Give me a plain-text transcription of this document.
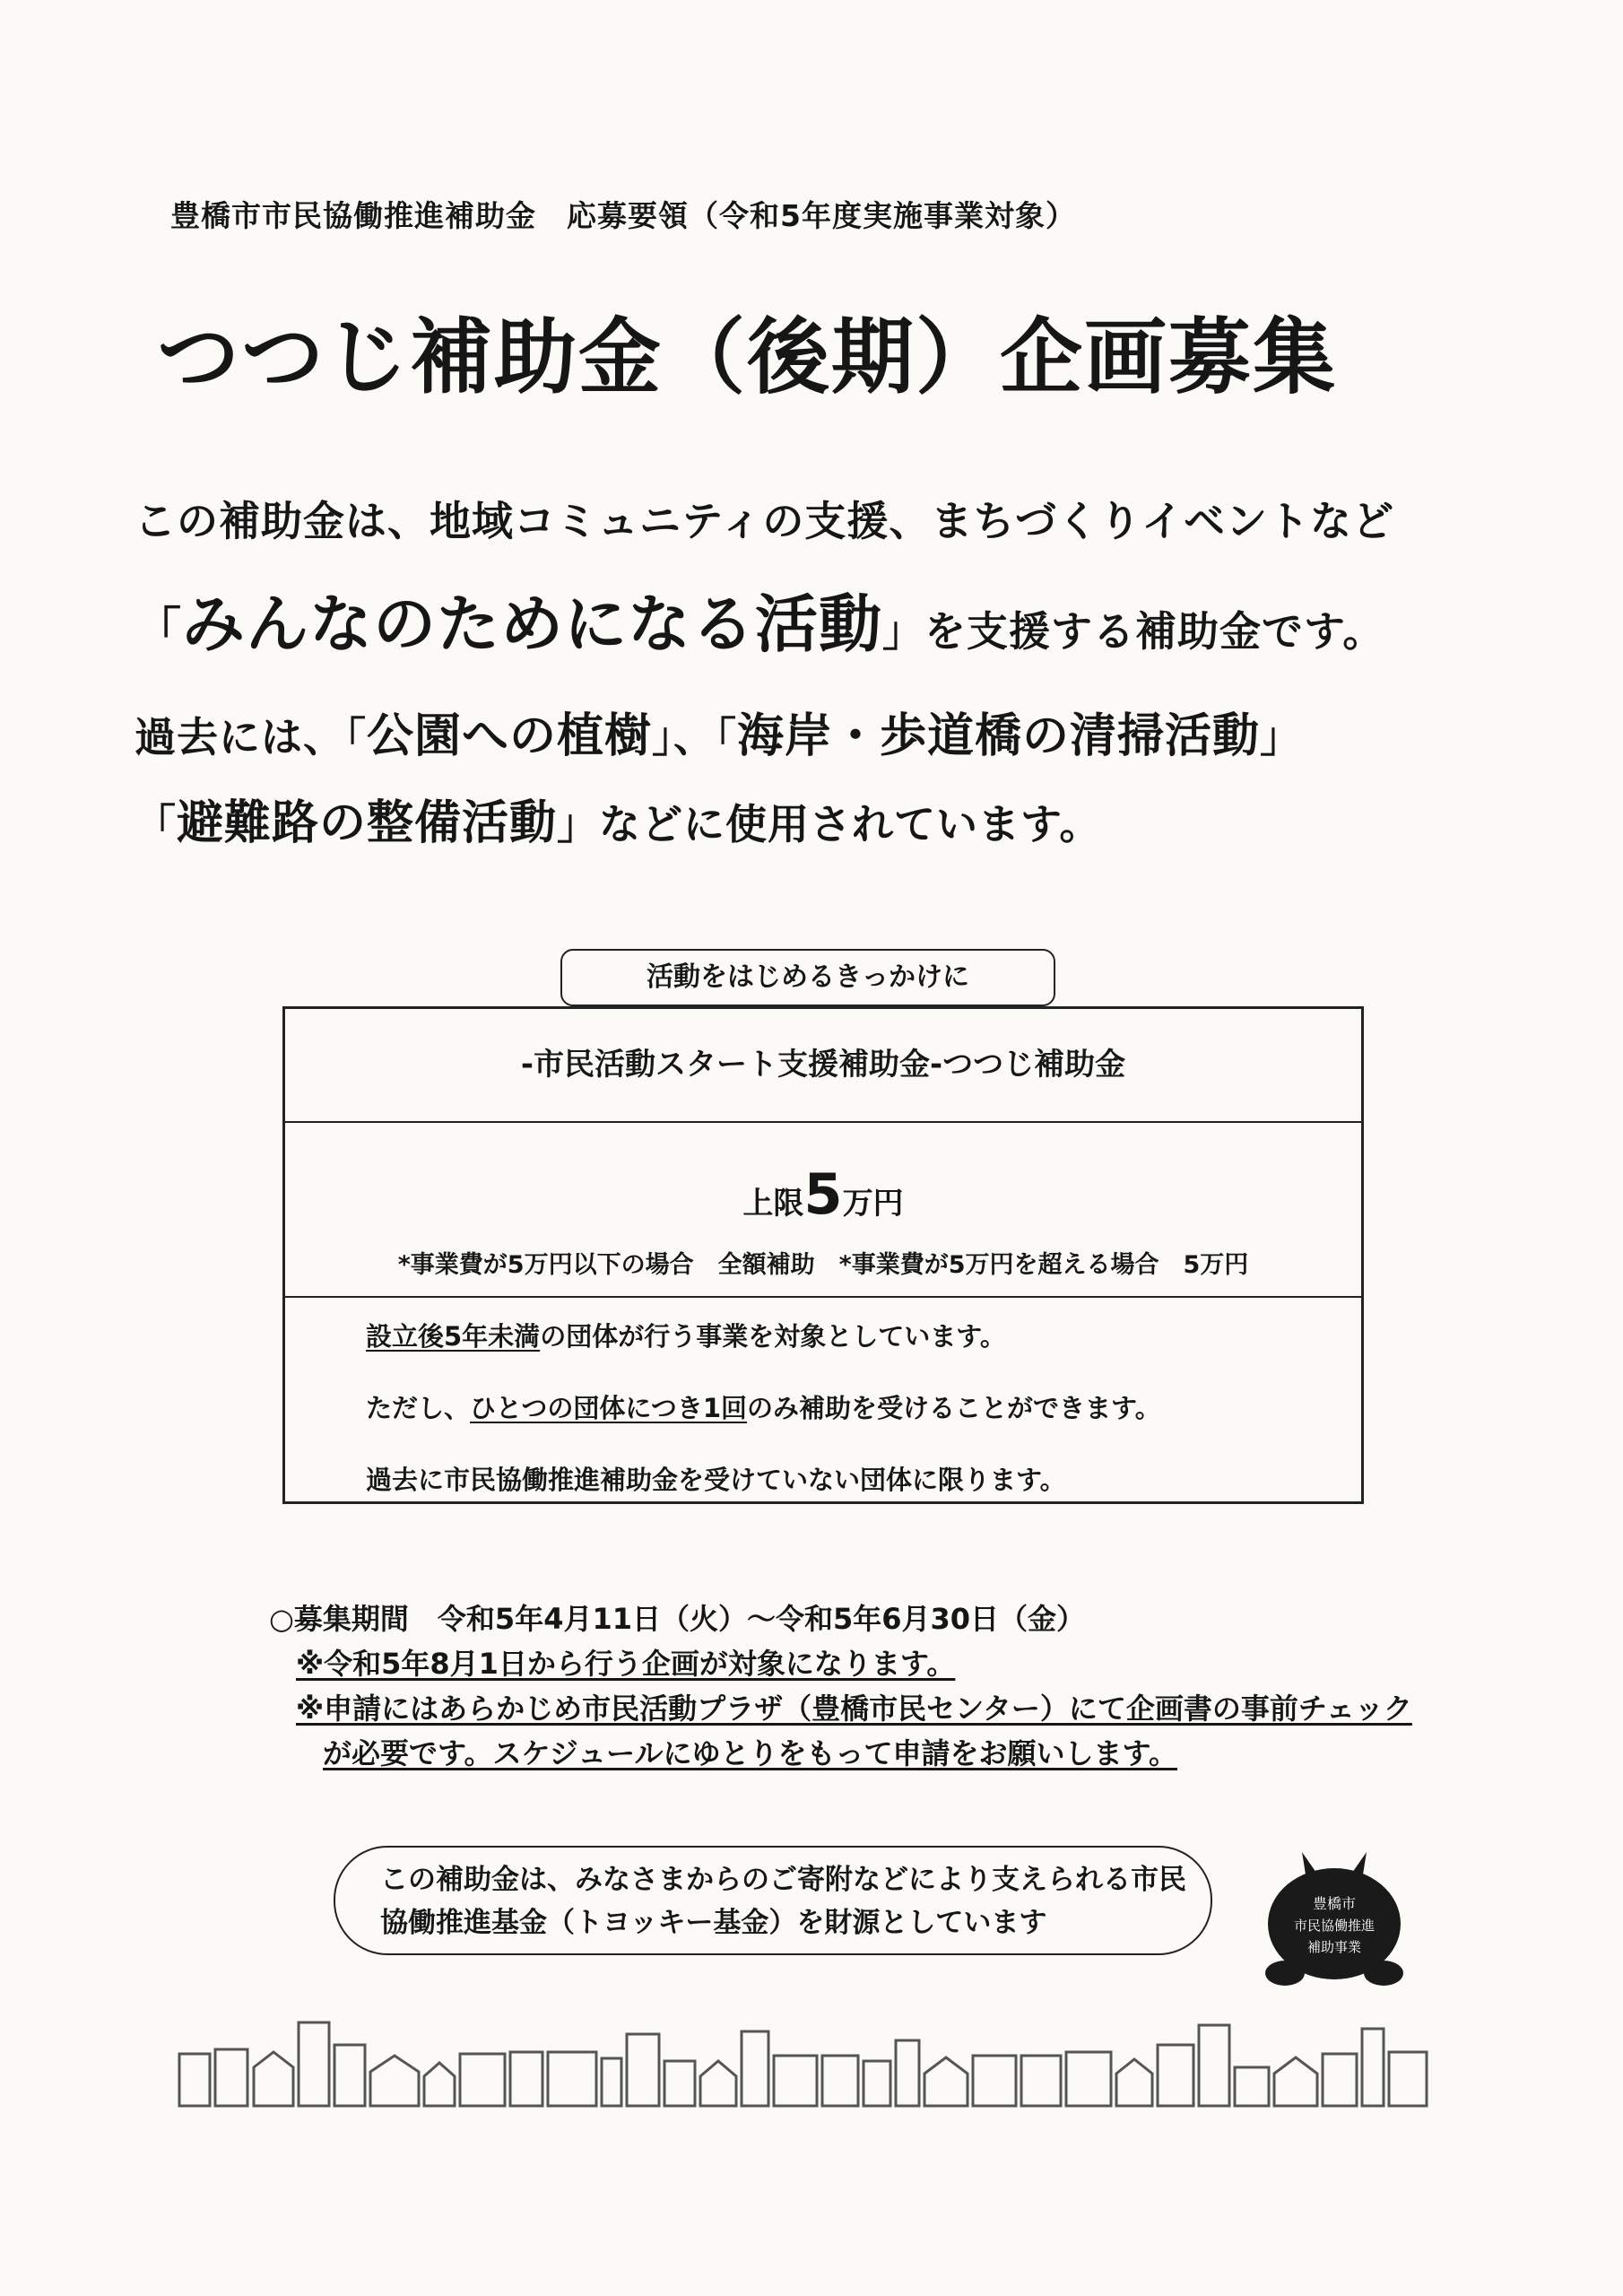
豊橋市市民協働推進補助金　応募要領（令和5年度実施事業対象）
つつじ補助金（後期）企画募集
この補助金は、地域コミュニティの支援、まちづくりイベントなど
「みんなのためになる活動」を支援する補助金です。
過去には、「公園への植樹」、「海岸・歩道橋の清掃活動」
「避難路の整備活動」などに使用されています。
活動をはじめるきっかけに
-市民活動スタート支援補助金-つつじ補助金
上限5万円
*事業費が5万円以下の場合　全額補助　*事業費が5万円を超える場合　5万円
設立後5年未満の団体が行う事業を対象としています。
ただし、ひとつの団体につき1回のみ補助を受けることができます。
過去に市民協働推進補助金を受けていない団体に限ります。
○募集期間　令和5年4月11日（火）～令和5年6月30日（金）
※令和5年8月1日から行う企画が対象になります。
※申請にはあらかじめ市民活動プラザ（豊橋市民センター）にて企画書の事前チェック
が必要です。スケジュールにゆとりをもって申請をお願いします。
この補助金は、みなさまからのご寄附などにより支えられる市民
協働推進基金（トヨッキー基金）を財源としています
豊橋市
市民協働推進
補助事業
